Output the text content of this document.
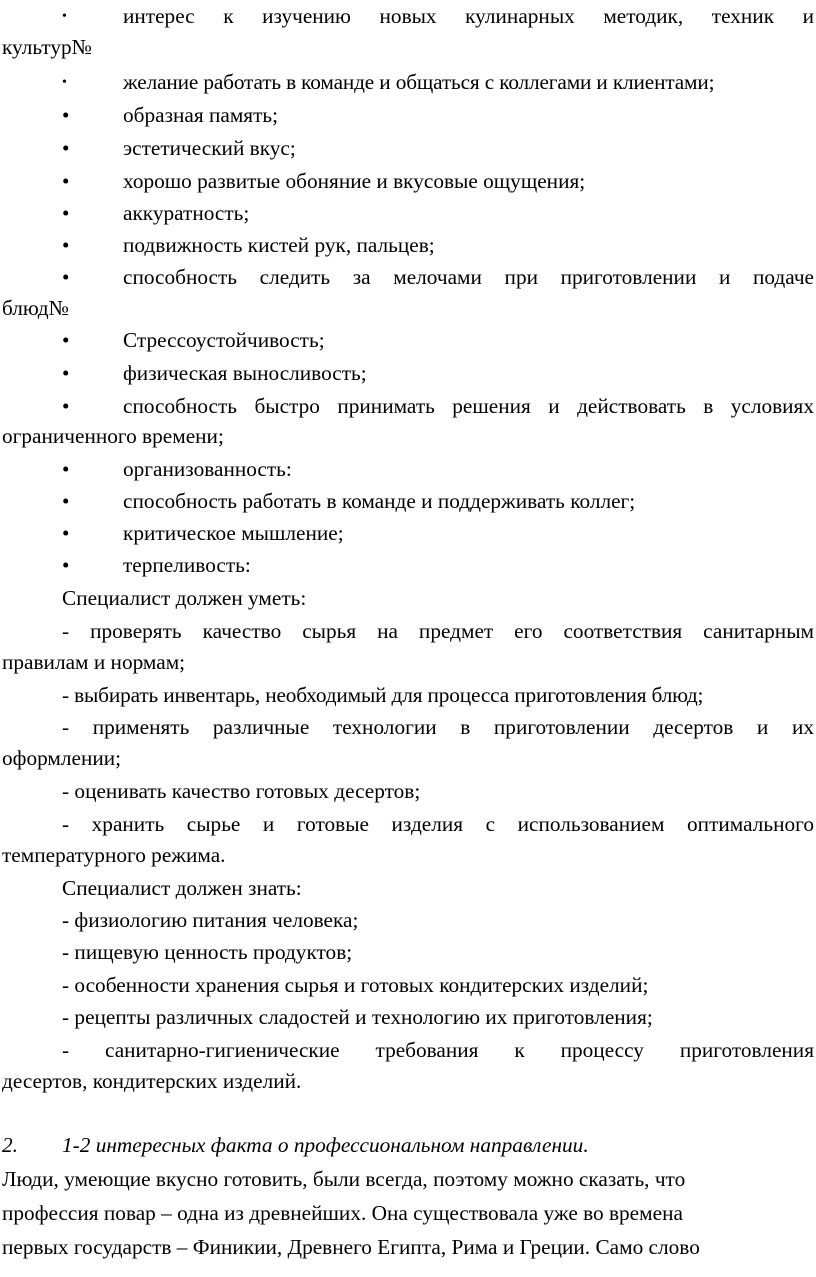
•	интерес к изучению новых кулинарных методик, техник и
культур№
•	желание работать в команде и общаться с коллегами и клиентами;
•	образная память;
•	эстетический вкус;
•	хорошо развитые обоняние и вкусовые ощущения;
•	аккуратность;
•	подвижность кистей рук, пальцев;
•	способность следить за мелочами при приготовлении и подаче
блюд№
•	Стрессоустойчивость;
•	физическая выносливость;
•	способность быстро принимать решения и действовать в условиях
ограниченного времени;
•	организованность:
•	способность работать в команде и поддерживать коллег;
•	критическое мышление;
•	терпеливость:
Специалист должен уметь:
- проверять качество сырья на предмет его соответствия санитарным
правилам и нормам;
- выбирать инвентарь, необходимый для процесса приготовления блюд;
- применять различные технологии в приготовлении десертов и их
оформлении;
- оценивать качество готовых десертов;
- хранить сырье и готовые изделия с использованием оптимального
температурного режима.
Специалист должен знать:
- физиологию питания человека;
- пищевую ценность продуктов;
- особенности хранения сырья и готовых кондитерских изделий;
- рецепты различных сладостей и технологию их приготовления;
- санитарно-гигиенические требования к процессу приготовления
десертов, кондитерских изделий.
2. 1-2 интересных факта о профессиональном направлении.
Люди, умеющие вкусно готовить, были всегда, поэтому можно сказать, что
профессия повар – одна из древнейших. Она существовала уже во времена
первых государств – Финикии, Древнего Египта, Рима и Греции. Само слово
